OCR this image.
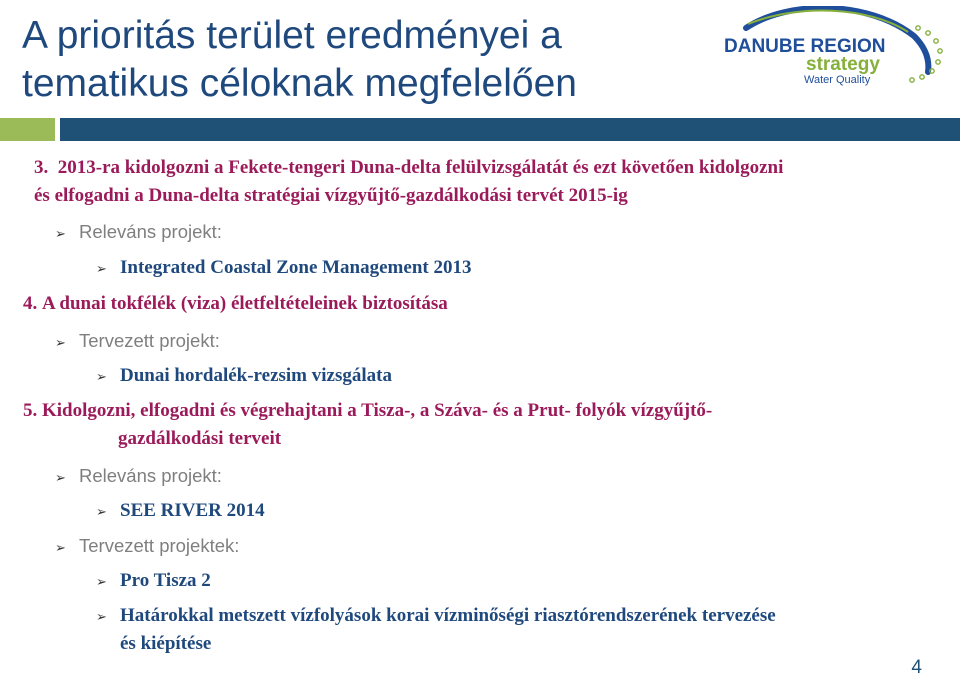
A prioritás terület eredményei a
tematikus céloknak megfelelően
DANUBE REGION
strategy
Water Quality
3. 2013-ra kidolgozni a Fekete-tengeri Duna-delta felülvizsgálatát és ezt követően kidolgozni
és elfogadni a Duna-delta stratégiai vízgyűjtő-gazdálkodási tervét 2015-ig
➢ Releváns projekt:
➢ Integrated Coastal Zone Management 2013
4. A dunai tokfélék (viza) életfeltételeinek biztosítása
➢ Tervezett projekt:
➢ Dunai hordalék-rezsim vizsgálata
5. Kidolgozni, elfogadni és végrehajtani a Tisza-, a Száva- és a Prut- folyók vízgyűjtő-
gazdálkodási terveit
➢ Releváns projekt:
➢ SEE RIVER 2014
➢ Tervezett projektek:
➢ Pro Tisza 2
➢ Határokkal metszett vízfolyások korai vízminőségi riasztórendszerének tervezése
és kiépítése
4
